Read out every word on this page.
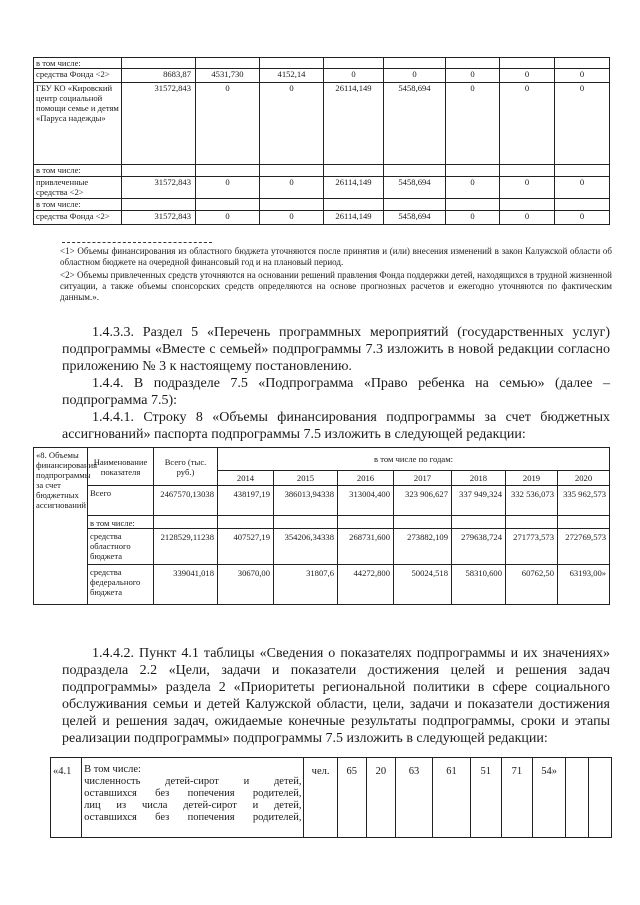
в том числе:								
средства Фонда <2>	8683,87	4531,730	4152,14	0	0	0	0	0
ГБУ КО «Кировский центр социальной помощи семье и детям «Паруса надежды»	31572,843	0	0	26114,149	5458,694	0	0	0
в том числе:								
привлеченные средства <2>	31572,843	0	0	26114,149	5458,694	0	0	0
в том числе:								
средства Фонда <2>	31572,843	0	0	26114,149	5458,694	0	0	0
<1> Объемы финансирования из областного бюджета уточняются после принятия и (или) внесения изменений в закон Калужской области об областном бюджете на очередной финансовый год и на плановый период.
<2> Объемы привлеченных средств уточняются на основании решений правления Фонда поддержки детей, находящихся в трудной жизненной ситуации, а также объемы спонсорских средств определяются на основе прогнозных расчетов и ежегодно уточняются по фактическим данным.».
1.4.3.3. Раздел 5 «Перечень программных мероприятий (государственных услуг) подпрограммы «Вместе с семьей» подпрограммы 7.3 изложить в новой редакции согласно приложению № 3 к настоящему постановлению.
1.4.4. В подразделе 7.5 «Подпрограмма «Право ребенка на семью» (далее – подпрограмма 7.5):
1.4.4.1. Строку 8 «Объемы финансирования подпрограммы за счет бюджетных ассигнований» паспорта подпрограммы 7.5 изложить в следующей редакции:
«8. Объемы финансирования подпрограммы за счет бюджетных ассигнований	Наименование показателя	Всего (тыс. руб.)	в том числе по годам:						
			2014	2015	2016	2017	2018	2019	2020
	Всего	2467570,13038	438197,19	386013,94338	313004,400	323 906,627	337 949,324	332 536,073	335 962,573
	в том числе:								
	средства областного бюджета	2128529,11238	407527,19	354206,34338	268731,600	273882,109	279638,724	271773,573	272769,573
	средства федерального бюджета	339041,018	30670,00	31807,6	44272,800	50024,518	58310,600	60762,50	63193,00»
1.4.4.2. Пункт 4.1 таблицы «Сведения о показателях подпрограммы и их значениях» подраздела 2.2 «Цели, задачи и показатели достижения целей и решения задач подпрограммы» раздела 2 «Приоритеты региональной политики в сфере социального обслуживания семьи и детей Калужской области, цели, задачи и показатели достижения целей и решения задач, ожидаемые конечные результаты подпрограммы, сроки и этапы реализации подпрограммы» подпрограммы 7.5 изложить в следующей редакции:
«4.1	В том числе:
численность детей-сирот и детей,
оставшихся без попечения родителей,
лиц из числа детей-сирот и детей,
оставшихся без попечения родителей,
	чел.	65	20	63	61	51	71	54»		
